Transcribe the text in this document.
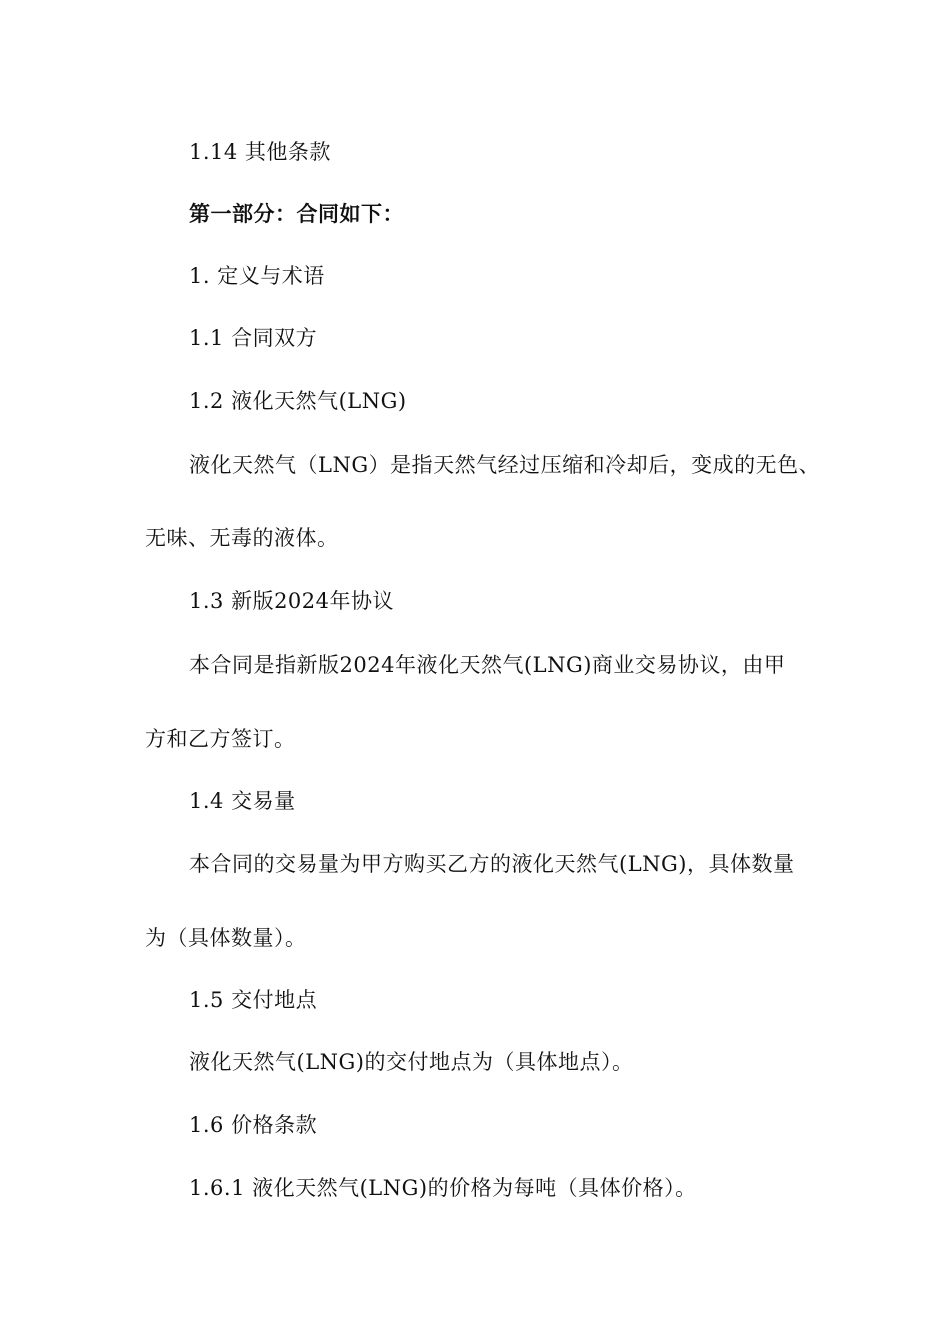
1.14 其他条款
第一部分：合同如下：
1. 定义与术语
1.1 合同双方
1.2 液化天然气(LNG)
液化天然气（LNG）是指天然气经过压缩和冷却后，变成的无色、
无味、无毒的液体。
1.3 新版2024年协议
本合同是指新版2024年液化天然气(LNG)商业交易协议，由甲
方和乙方签订。
1.4 交易量
本合同的交易量为甲方购买乙方的液化天然气(LNG)，具体数量
为（具体数量）。
1.5 交付地点
液化天然气(LNG)的交付地点为（具体地点）。
1.6 价格条款
1.6.1 液化天然气(LNG)的价格为每吨（具体价格）。
